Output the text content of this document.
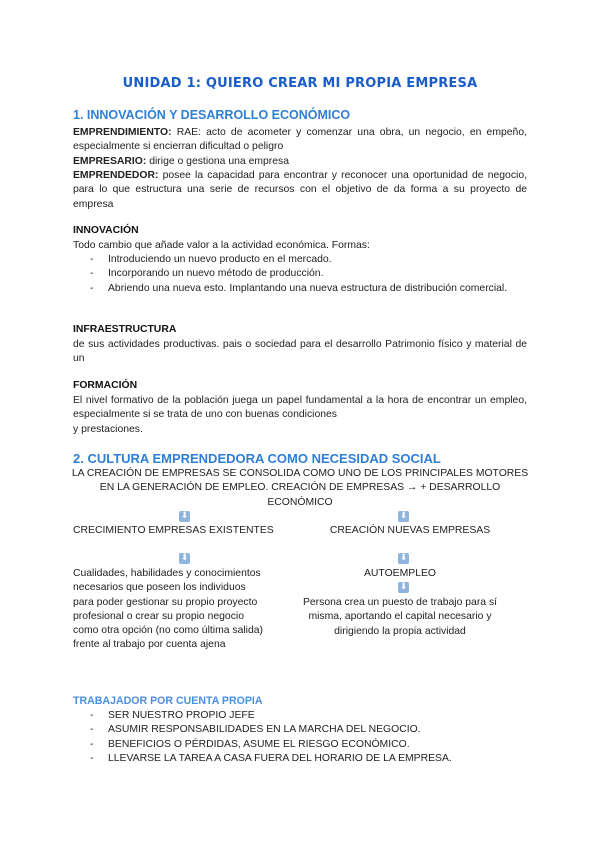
UNIDAD 1: QUIERO CREAR MI PROPIA EMPRESA
1. INNOVACIÓN Y DESARROLLO ECONÓMICO
EMPRENDIMIENTO: RAE: acto de acometer y comenzar una obra, un negocio, en empeño, especialmente si encierran dificultad o peligro
EMPRESARIO: dirige o gestiona una empresa
EMPRENDEDOR: posee la capacidad para encontrar y reconocer una oportunidad de negocio, para lo que estructura una serie de recursos con el objetivo de da forma a su proyecto de empresa
INNOVACIÓN
Todo cambio que añade valor a la actividad económica. Formas:
- Introduciendo un nuevo producto en el mercado.
- Incorporando un nuevo método de producción.
- Abriendo una nueva esto. Implantando una nueva estructura de distribución comercial.
INFRAESTRUCTURA
de sus actividades productivas. pais o sociedad para el desarrollo Patrimonio físico y material de un
FORMACIÓN
El nivel formativo de la población juega un papel fundamental a la hora de encontrar un empleo, especialmente si se trata de uno con buenas condiciones
y prestaciones.
2. CULTURA EMPRENDEDORA COMO NECESIDAD SOCIAL
LA CREACIÓN DE EMPRESAS SE CONSOLIDA COMO UNO DE LOS PRINCIPALES MOTORES EN LA GENERACIÓN DE EMPLEO. CREACIÓN DE EMPRESAS → + DESARROLLO ECONÓMICO
⬇	⬇
CRECIMIENTO EMPRESAS EXISTENTES	CREACIÓN NUEVAS EMPRESAS
⬇	⬇
Cualidades, habilidades y conocimientos necesarios que poseen los individuos para poder gestionar su propio proyecto profesional o crear su propio negocio como otra opción (no como última salida) frente al trabajo por cuenta ajena
AUTOEMPLEO
⬇
Persona crea un puesto de trabajo para sí misma, aportando el capital necesario y dirigiendo la propia actividad
TRABAJADOR POR CUENTA PROPIA
- SER NUESTRO PROPIO JEFE
- ASUMIR RESPONSABILIDADES EN LA MARCHA DEL NEGOCIO.
- BENEFICIOS O PÉRDIDAS, ASUME EL RIESGO ECONÓMICO.
- LLEVARSE LA TAREA A CASA FUERA DEL HORARIO DE LA EMPRESA.
